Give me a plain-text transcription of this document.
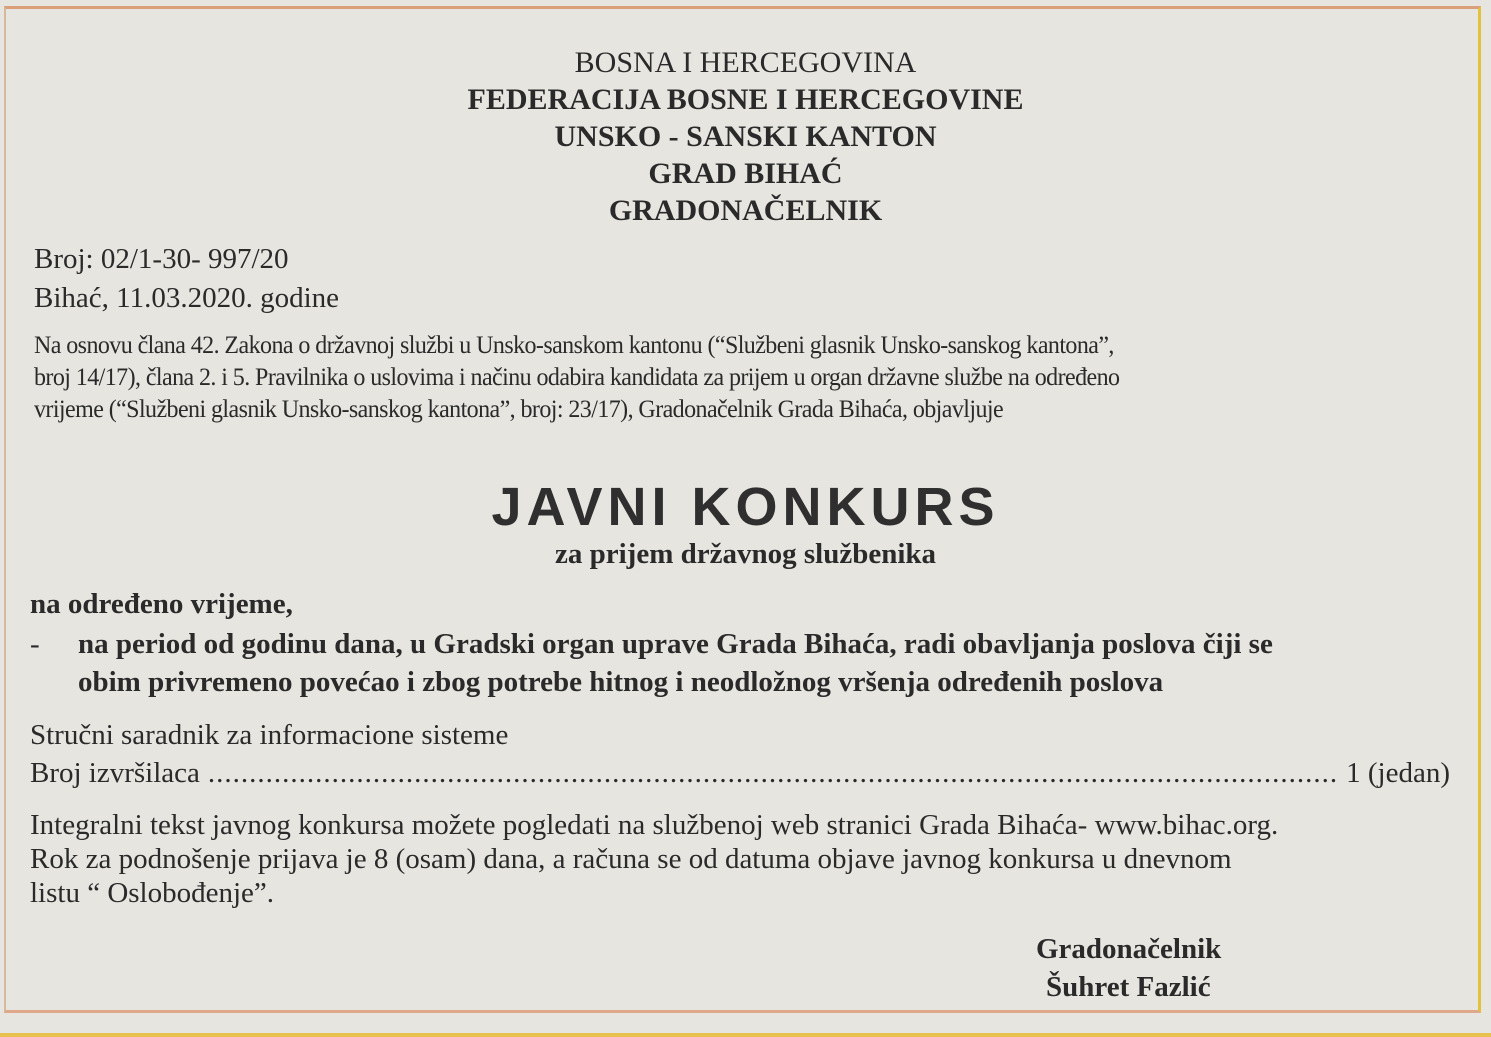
BOSNA I HERCEGOVINA
FEDERACIJA BOSNE I HERCEGOVINE
UNSKO - SANSKI KANTON
GRAD BIHAĆ
GRADONAČELNIK
Broj: 02/1-30- 997/20
Bihać, 11.03.2020. godine
Na osnovu člana 42. Zakona o državnoj službi u Unsko-sanskom kantonu (“Službeni glasnik Unsko-sanskog kantona”,
broj 14/17), člana 2. i 5. Pravilnika o uslovima i načinu odabira kandidata za prijem u organ državne službe na određeno
vrijeme (“Službeni glasnik Unsko-sanskog kantona”, broj: 23/17), Gradonačelnik Grada Bihaća, objavljuje
JAVNI KONKURS
za prijem državnog službenika
na određeno vrijeme,
-	na period od godinu dana, u Gradski organ uprave Grada Bihaća, radi obavljanja poslova čiji se
obim privremeno povećao i zbog potrebe hitnog i neodložnog vršenja određenih poslova
Stručni saradnik za informacione sisteme
Broj izvršilaca
.....	1 (jedan)
Integralni tekst javnog konkursa možete pogledati na službenoj web stranici Grada Bihaća- www.bihac.org.
Rok za podnošenje prijava je 8 (osam) dana, a računa se od datuma objave javnog konkursa u dnevnom
listu “ Oslobođenje”.
Gradonačelnik
Šuhret Fazlić
